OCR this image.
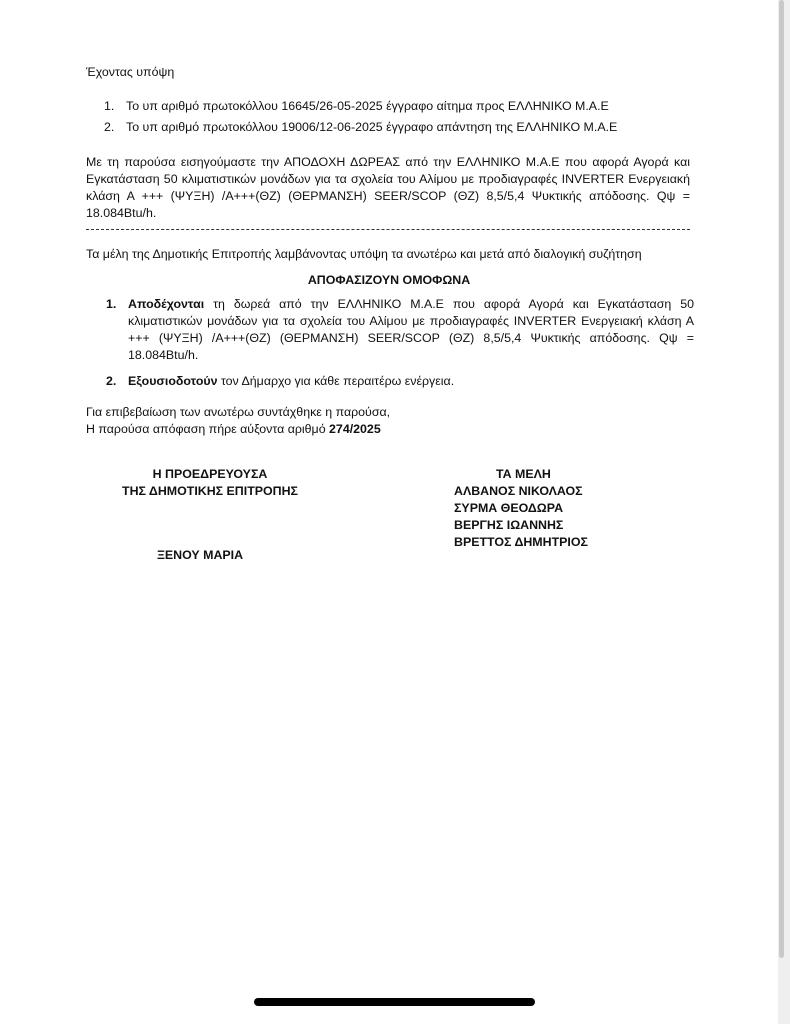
Έχοντας υπόψη

1. Το υπ αριθμό πρωτοκόλλου 16645/26-05-2025 έγγραφο αίτημα προς ΕΛΛΗΝΙΚΟ Μ.Α.Ε
2. Το υπ αριθμό πρωτοκόλλου 19006/12-06-2025 έγγραφο απάντηση της ΕΛΛΗΝΙΚΟ Μ.Α.Ε

Με τη παρούσα εισηγούμαστε την ΑΠΟΔΟΧΗ ΔΩΡΕΑΣ από την ΕΛΛΗΝΙΚΟ Μ.Α.Ε που αφορά Αγορά και Εγκατάσταση 50 κλιματιστικών μονάδων για τα σχολεία του Αλίμου με προδιαγραφές INVERTER Ενεργειακή κλάση Α +++ (ΨΥΞΗ) /Α+++(ΘΖ) (ΘΕΡΜΑΝΣΗ) SEER/SCOP (ΘΖ) 8,5/5,4 Ψυκτικής απόδοσης. Qψ = 18.084Btu/h.

Τα μέλη της Δημοτικής Επιτροπής λαμβάνοντας υπόψη τα ανωτέρω και μετά από διαλογική συζήτηση

ΑΠΟΦΑΣΙΖΟΥΝ ΟΜΟΦΩΝΑ
1. Αποδέχονται τη δωρεά από την ΕΛΛΗΝΙΚΟ Μ.Α.Ε που αφορά Αγορά και Εγκατάσταση 50 κλιματιστικών μονάδων για τα σχολεία του Αλίμου με προδιαγραφές INVERTER Ενεργειακή κλάση Α +++ (ΨΥΞΗ) /Α+++(ΘΖ) (ΘΕΡΜΑΝΣΗ) SEER/SCOP (ΘΖ) 8,5/5,4 Ψυκτικής απόδοσης. Qψ = 18.084Btu/h.
2. Εξουσιοδοτούν τον Δήμαρχο για κάθε περαιτέρω ενέργεια.
Για επιβεβαίωση των ανωτέρω συντάχθηκε η παρούσα,
Η παρούσα απόφαση πήρε αύξοντα αριθμό 274/2025
Η ΠΡΟΕΔΡΕΥΟΥΣΑ
ΤΗΣ ΔΗΜΟΤΙΚΗΣ ΕΠΙΤΡΟΠΗΣ
ΞΕΝΟΥ ΜΑΡΙΑ
ΤΑ ΜΕΛΗ
ΑΛΒΑΝΟΣ ΝΙΚΟΛΑΟΣ
ΣΥΡΜΑ ΘΕΟΔΩΡΑ
ΒΕΡΓΗΣ ΙΩΑΝΝΗΣ
ΒΡΕΤΤΟΣ ΔΗΜΗΤΡΙΟΣ
